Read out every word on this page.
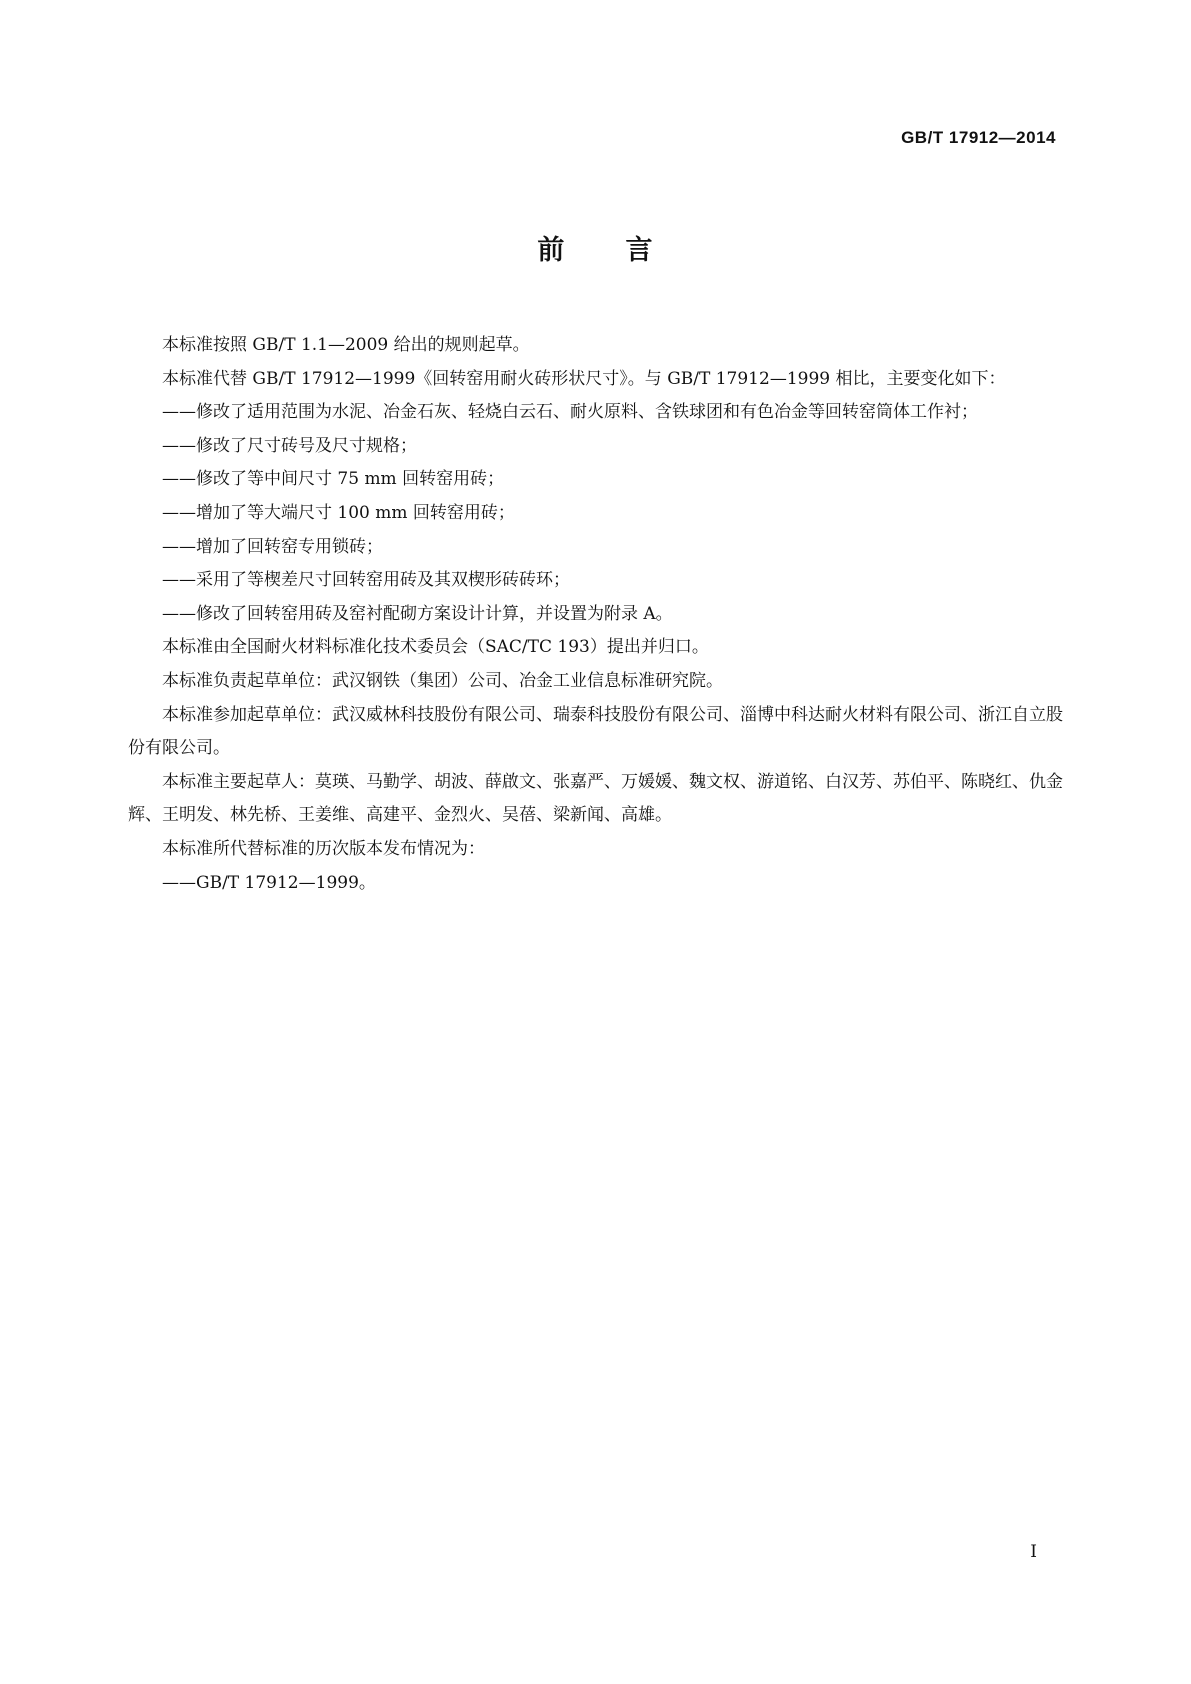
GB/T 17912—2014
前 言

本标准按照 GB/T 1.1—2009 给出的规则起草。

本标准代替 GB/T 17912—1999《回转窑用耐火砖形状尺寸》。与 GB/T 17912—1999 相比，主要变化如下：

——修改了适用范围为水泥、冶金石灰、轻烧白云石、耐火原料、含铁球团和有色冶金等回转窑筒体工作衬；

——修改了尺寸砖号及尺寸规格；

——修改了等中间尺寸 75 mm 回转窑用砖；

——增加了等大端尺寸 100 mm 回转窑用砖；

——增加了回转窑专用锁砖；

——采用了等楔差尺寸回转窑用砖及其双楔形砖砖环；

——修改了回转窑用砖及窑衬配砌方案设计计算，并设置为附录 A。

本标准由全国耐火材料标准化技术委员会（SAC/TC 193）提出并归口。

本标准负责起草单位：武汉钢铁（集团）公司、冶金工业信息标准研究院。

本标准参加起草单位：武汉威林科技股份有限公司、瑞泰科技股份有限公司、淄博中科达耐火材料有限公司、浙江自立股份有限公司。

本标准主要起草人：莫瑛、马勤学、胡波、薛啟文、张嘉严、万媛媛、魏文权、游道铭、白汉芳、苏伯平、陈晓红、仇金辉、王明发、林先桥、王姜维、高建平、金烈火、吴蓓、梁新闻、高雄。

本标准所代替标准的历次版本发布情况为：

——GB/T 17912—1999。

I
